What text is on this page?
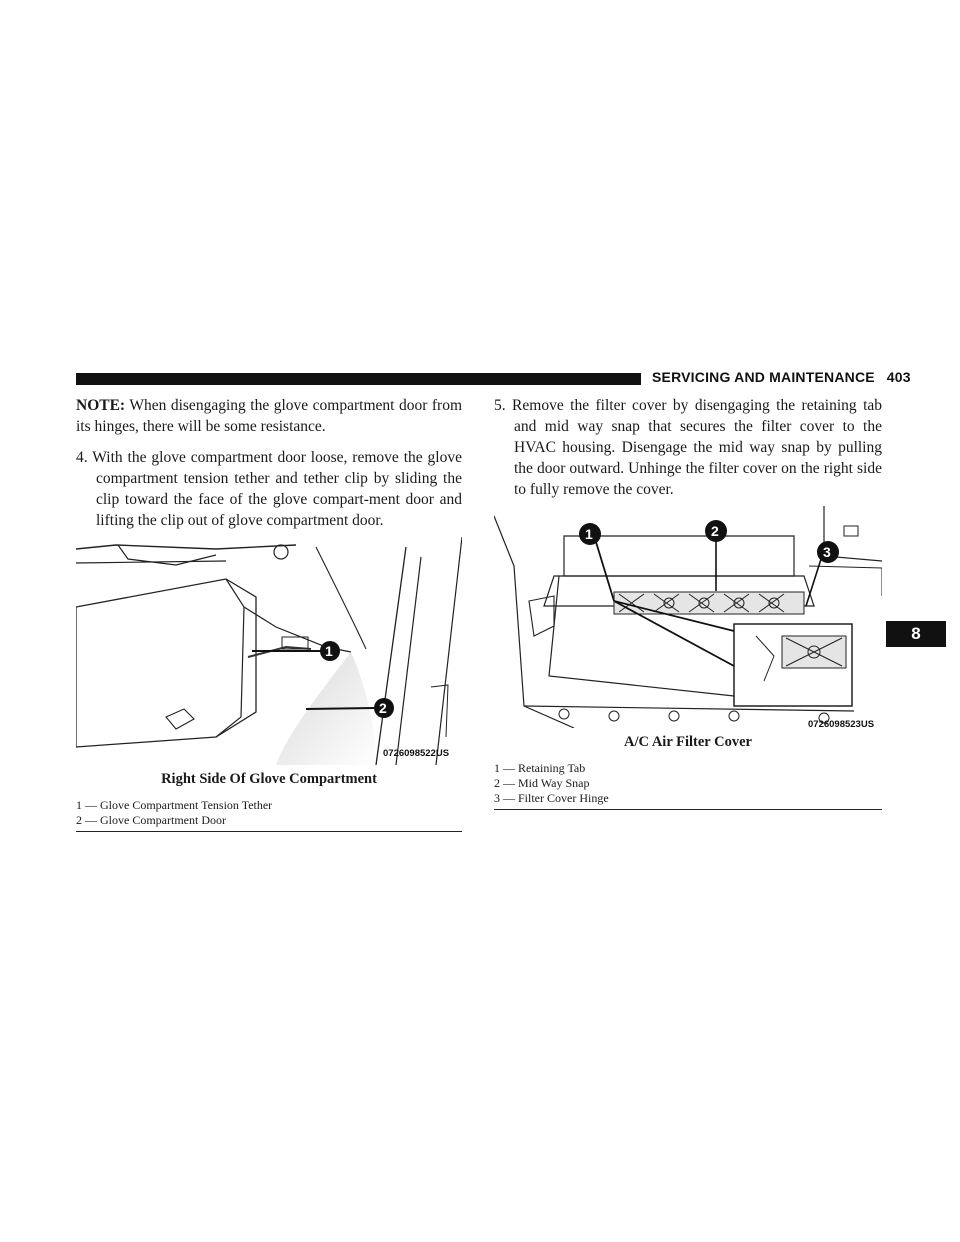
SERVICING AND MAINTENANCE 403
8

NOTE: When disengaging the glove compartment door from its hinges, there will be some resistance.

4. With the glove compartment door loose, remove the glove compartment tension tether and tether clip by sliding the clip toward the face of the glove compart-ment door and lifting the clip out of glove compartment door.

1
2
0726098522US
Right Side Of Glove Compartment
1 — Glove Compartment Tension Tether
2 — Glove Compartment Door

5. Remove the filter cover by disengaging the retaining tab and mid way snap that secures the filter cover to the HVAC housing. Disengage the mid way snap by pulling the door outward. Unhinge the filter cover on the right side to fully remove the cover.

1	2
3
0726098523US
A/C Air Filter Cover
1 — Retaining Tab
2 — Mid Way Snap
3 — Filter Cover Hinge
